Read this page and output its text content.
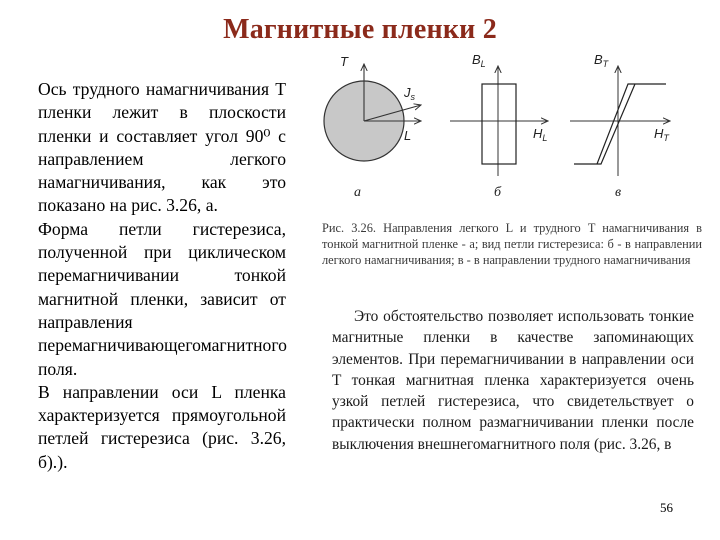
Магнитные пленки 2

Ось трудного намагничивания T пленки лежит в плоскости пленки и составляет угол 90⁰ с направлением легкого намагничивания, как это показано на рис. 3.26, а.

Форма петли гистерезиса, полученной при циклическом перемагничивании тонкой магнитной пленки, зависит от направления перемагничивающегомагнитного поля.

В направлении оси L пленка характеризуется прямоугольной петлей гистерезиса (рис. 3.26, б).).

T
L
$J_s$
а
$B_L$
$H_L$
б
$B_T$
$H_T$
в
Рис. 3.26. Направления легкого L и трудного T намагничивания в тонкой магнитной пленке - а; вид петли гистерезиса: б - в направлении легкого намагничивания; в - в направлении трудного намагничивания

Это обстоятельство позволяет использовать тонкие магнитные пленки в качестве запоминающих элементов. При перемагничивании в направлении оси T тонкая магнитная пленка характеризуется очень узкой петлей гистерезиса, что свидетельствует о практически полном размагничивании пленки после выключения внешнегомагнитного поля (рис. 3.26, в

56
